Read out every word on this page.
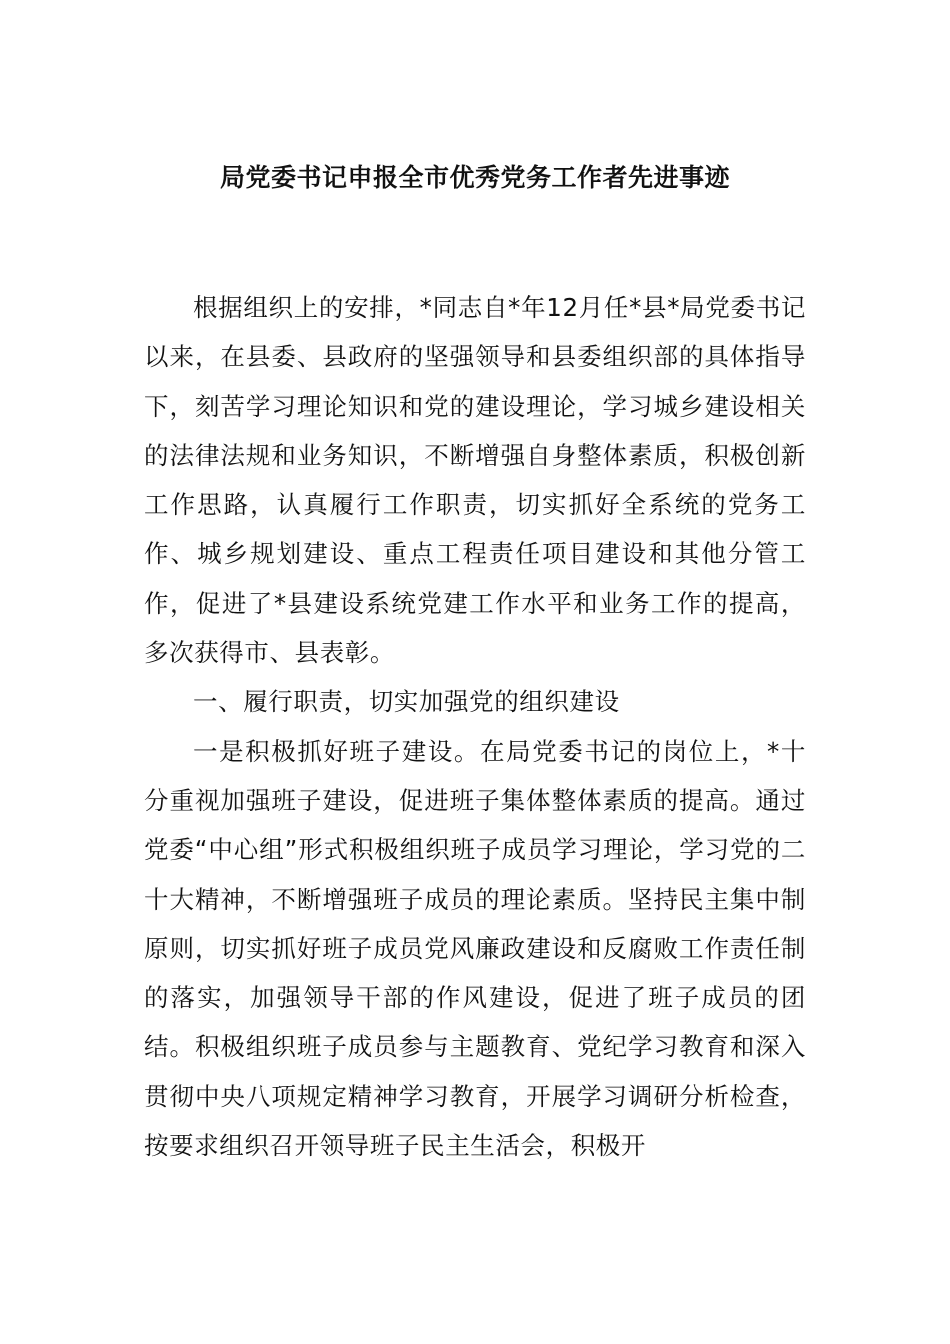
局党委书记申报全市优秀党务工作者先进事迹

根据组织上的安排，*同志自*年12月任*县*局党委书记以来，在县委、县政府的坚强领导和县委组织部的具体指导下，刻苦学习理论知识和党的建设理论，学习城乡建设相关的法律法规和业务知识，不断增强自身整体素质，积极创新工作思路，认真履行工作职责，切实抓好全系统的党务工作、城乡规划建设、重点工程责任项目建设和其他分管工作，促进了*县建设系统党建工作水平和业务工作的提高，多次获得市、县表彰。

一、履行职责，切实加强党的组织建设

一是积极抓好班子建设。在局党委书记的岗位上，*十分重视加强班子建设，促进班子集体整体素质的提高。通过党委“中心组”形式积极组织班子成员学习理论，学习党的二十大精神，不断增强班子成员的理论素质。坚持民主集中制原则，切实抓好班子成员党风廉政建设和反腐败工作责任制的落实，加强领导干部的作风建设，促进了班子成员的团结。积极组织班子成员参与主题教育、党纪学习教育和深入贯彻中央八项规定精神学习教育，开展学习调研分析检查，按要求组织召开领导班子民主生活会，积极开
